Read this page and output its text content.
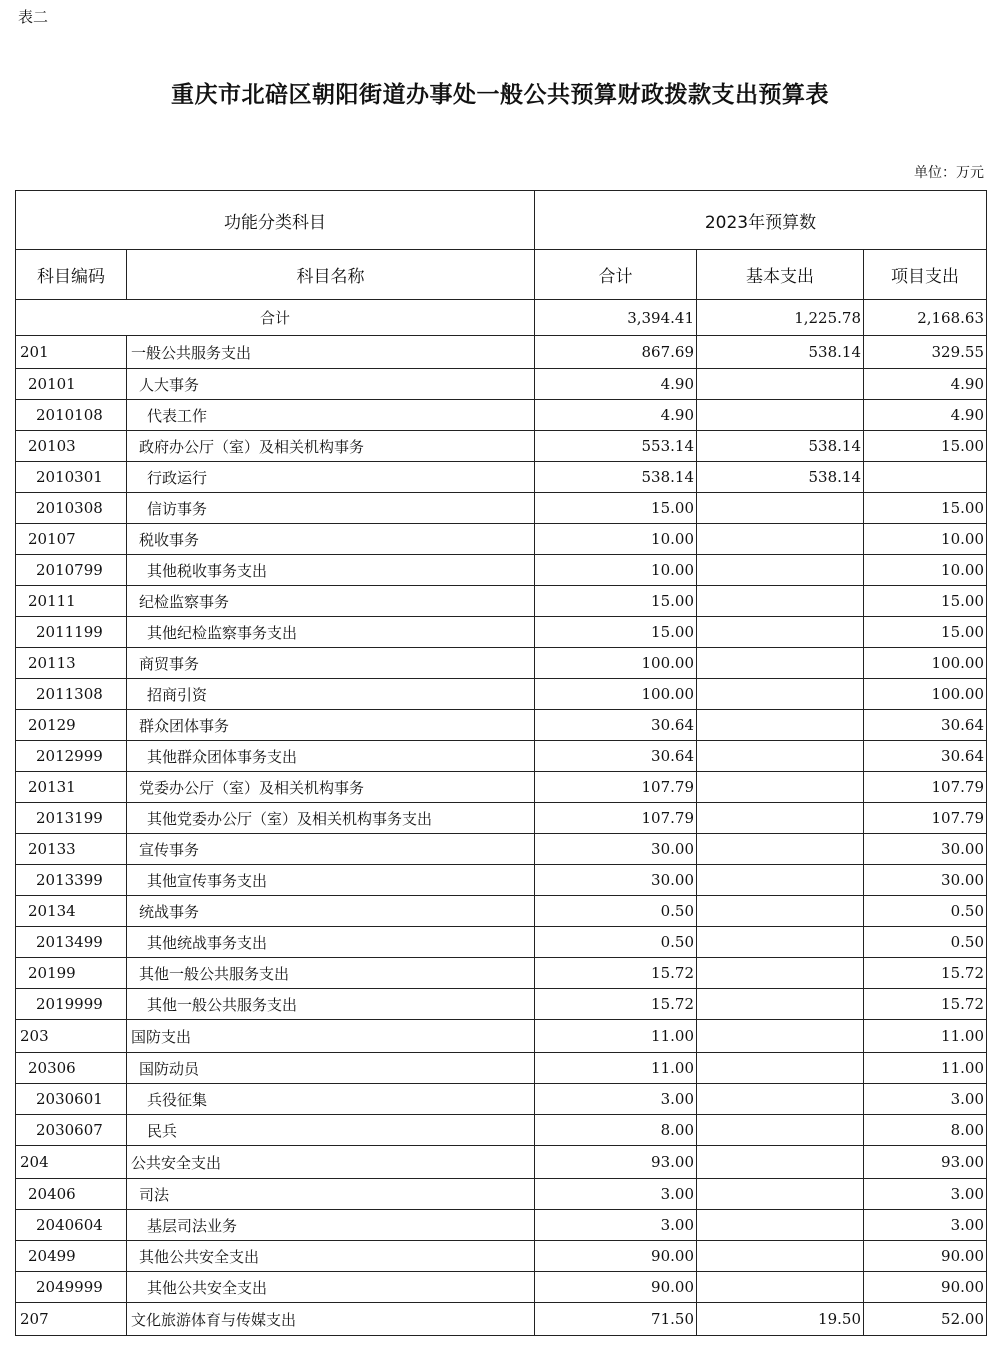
表二
重庆市北碚区朝阳街道办事处一般公共预算财政拨款支出预算表
单位：万元
功能分类科目		2023年预算数		
科目编码	科目名称	合计	基本支出	项目支出
合计		3,394.41	1,225.78	2,168.63
201	一般公共服务支出	867.69	538.14	329.55
20101	人大事务	4.90		4.90
2010108	代表工作	4.90		4.90
20103	政府办公厅（室）及相关机构事务	553.14	538.14	15.00
2010301	行政运行	538.14	538.14	
2010308	信访事务	15.00		15.00
20107	税收事务	10.00		10.00
2010799	其他税收事务支出	10.00		10.00
20111	纪检监察事务	15.00		15.00
2011199	其他纪检监察事务支出	15.00		15.00
20113	商贸事务	100.00		100.00
2011308	招商引资	100.00		100.00
20129	群众团体事务	30.64		30.64
2012999	其他群众团体事务支出	30.64		30.64
20131	党委办公厅（室）及相关机构事务	107.79		107.79
2013199	其他党委办公厅（室）及相关机构事务支出	107.79		107.79
20133	宣传事务	30.00		30.00
2013399	其他宣传事务支出	30.00		30.00
20134	统战事务	0.50		0.50
2013499	其他统战事务支出	0.50		0.50
20199	其他一般公共服务支出	15.72		15.72
2019999	其他一般公共服务支出	15.72		15.72
203	国防支出	11.00		11.00
20306	国防动员	11.00		11.00
2030601	兵役征集	3.00		3.00
2030607	民兵	8.00		8.00
204	公共安全支出	93.00		93.00
20406	司法	3.00		3.00
2040604	基层司法业务	3.00		3.00
20499	其他公共安全支出	90.00		90.00
2049999	其他公共安全支出	90.00		90.00
207	文化旅游体育与传媒支出	71.50	19.50	52.00
